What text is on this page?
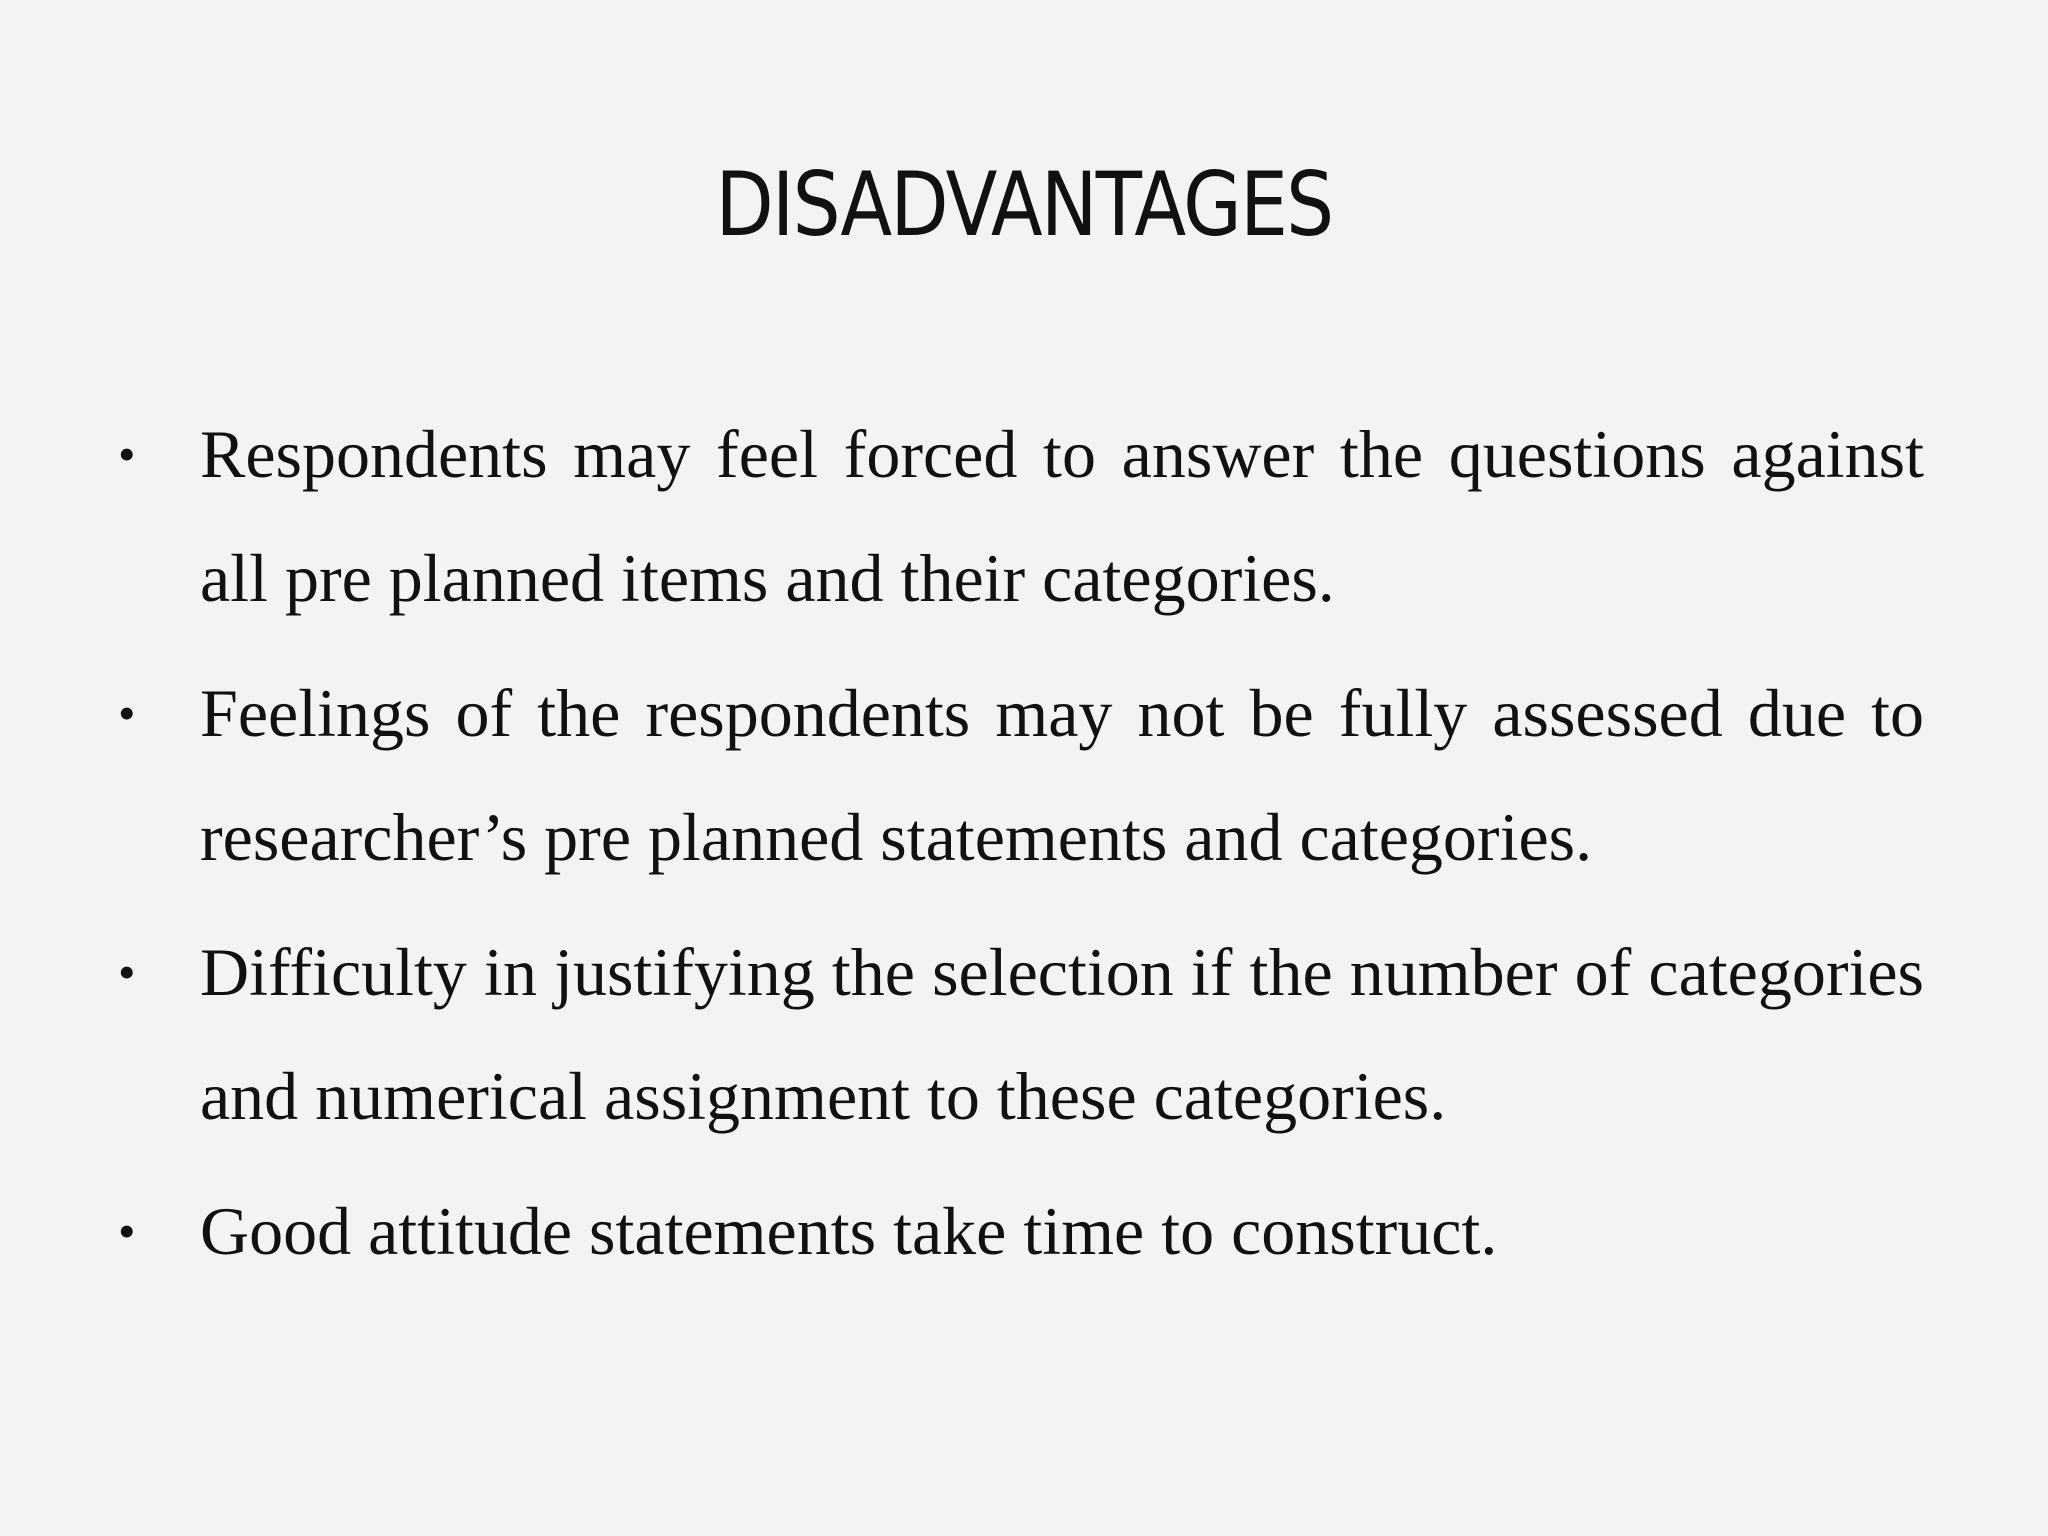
DISADVANTAGES
• Respondents may feel forced to answer the questions against all pre planned items and their categories.
• Feelings of the respondents may not be fully assessed due to researcher’s pre planned statements and categories.
• Difficulty in justifying the selection if the number of categories and numerical assignment to these categories.
• Good attitude statements take time to construct.
